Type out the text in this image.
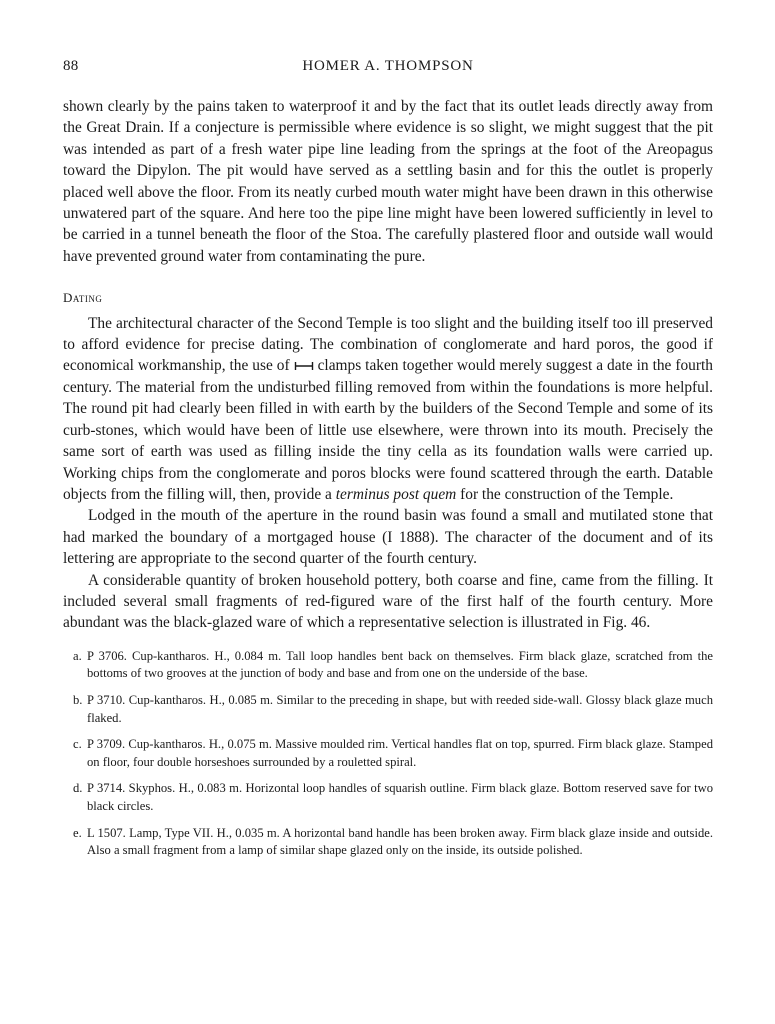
88	HOMER A. THOMPSON

shown clearly by the pains taken to waterproof it and by the fact that its outlet leads directly away from the Great Drain. If a conjecture is permissible where evidence is so slight, we might suggest that the pit was intended as part of a fresh water pipe line leading from the springs at the foot of the Areopagus toward the Dipylon. The pit would have served as a settling basin and for this the outlet is properly placed well above the floor. From its neatly curbed mouth water might have been drawn in this otherwise unwatered part of the square. And here too the pipe line might have been lowered sufficiently in level to be carried in a tunnel beneath the floor of the Stoa. The carefully plastered floor and outside wall would have prevented ground water from contaminating the pure.

Dating

The architectural character of the Second Temple is too slight and the building itself too ill preserved to afford evidence for precise dating. The combination of conglomerate and hard poros, the good if economical workmanship, the use of clamps taken together would merely suggest a date in the fourth century. The material from the undisturbed filling removed from within the foundations is more helpful. The round pit had clearly been filled in with earth by the builders of the Second Temple and some of its curb-stones, which would have been of little use elsewhere, were thrown into its mouth. Precisely the same sort of earth was used as filling inside the tiny cella as its foundation walls were carried up. Working chips from the conglomerate and poros blocks were found scattered through the earth. Datable objects from the filling will, then, provide a terminus post quem for the construction of the Temple.

Lodged in the mouth of the aperture in the round basin was found a small and mutilated stone that had marked the boundary of a mortgaged house (I 1888). The character of the document and of its lettering are appropriate to the second quarter of the fourth century.

A considerable quantity of broken household pottery, both coarse and fine, came from the filling. It included several small fragments of red-figured ware of the first half of the fourth century. More abundant was the black-glazed ware of which a representative selection is illustrated in Fig. 46.

a. P 3706. Cup-kantharos. H., 0.084 m. Tall loop handles bent back on themselves. Firm black glaze, scratched from the bottoms of two grooves at the junction of body and base and from one on the underside of the base.
b. P 3710. Cup-kantharos. H., 0.085 m. Similar to the preceding in shape, but with reeded side-wall. Glossy black glaze much flaked.
c. P 3709. Cup-kantharos. H., 0.075 m. Massive moulded rim. Vertical handles flat on top, spurred. Firm black glaze. Stamped on floor, four double horseshoes surrounded by a rouletted spiral.
d. P 3714. Skyphos. H., 0.083 m. Horizontal loop handles of squarish outline. Firm black glaze. Bottom reserved save for two black circles.
e. L 1507. Lamp, Type VII. H., 0.035 m. A horizontal band handle has been broken away. Firm black glaze inside and outside. Also a small fragment from a lamp of similar shape glazed only on the inside, its outside polished.
